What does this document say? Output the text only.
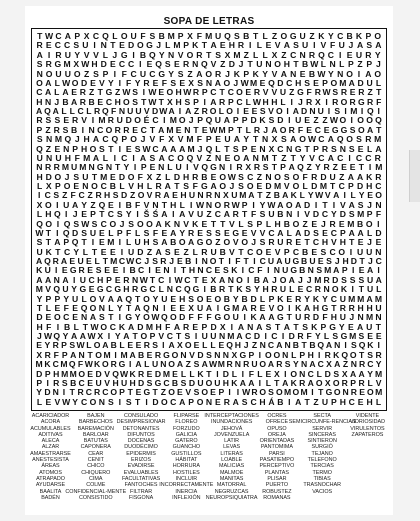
SOPA DE LETRAS
T W C A P X C Q L O U F S B M P X F M U Q S B T L Z O G U Z K Y C B K P O
R E C C S U I N T E D O G J L M P K T A E H R I L E V A S U I V F U J A S A
A I R U Y V V L J G I B Q Y N V O R T S X M Z L L X Z C N R Q C I E U R Y
S R G M X W H D E C C I E Q S E R N Q V Z D J T U N O H T B W L N L P Z P J
N O U U O Z S P I F C U C G Y S Z A O R J K P K Y V A N E B W Y N O I A O
O A L W O D E V Y I F Y R E F S E X S N A O J W M E Q D C H S E P O M A D U L
C A L A E R Z T G Z W S I W E O H W R P C T C O E R V V U Z G F R W S R E R Z T
H N J B A R B E C H O S T W T X H S P I A R P C L W H H L I J R X I R O R G R F
A Q A L L C L R Q F N U U V D W A I A Z R O L O I E E S V O I A D N U I S I M I Q I
R S S E R V I M R U D O É C I M O J P Q U A P P D K S D I U E Z Z W O I O O Q
P Z R S B I N C O R R E C T A M E N T E W M P T L R J A O R F E C E G G S O A T
S N M Q J H A C Q P O J V F X V M F P E U A Y T N X S A O W C A Q O S R M
Q Z E N P H O S T I E S W C A A A M J Q L T S P E N X C N G T P R S N S E L A
U N U H F M A L I C I A S A C O Q V Z N E O A N M T Z T Y V C A C I C C R
N R R M U M N G N T Y I P E N L U I V Q G N I R X R S T P A Q Z Y R Z E E T I M
H D O J S U T M E D O F X Z L D H R B E O W S C Z N O S O F R D U Z A A K R
L X P O E N O C B L V H L R A T S F G A O J S O E D M V O L D M T C P D H C
I C S Z F C Z R H S D Z O V R A E H U N R N X U M A T Z B A K L Y W V A I L Y E O
X O I U A Y Z Q E I B F V N T H L I W N O R W P I Y W A O A D I T I V A S J N
L H Q I J E P T C S Y I Š Ś A I A V U Z C A R T F S U B N I V D C Y D S M P F
Q O I Q S W S C O J S O O A K N V K E T T V L S P L H B O Z E J R E M B O I
W T I Q D S U E L P F L S F E A Y R E S S E G E V V C A L A D S E C P A A L D
S T A P Q T I E M I L U H S A B O A G O Z O V O J S R U R E T C H V H T E J E
U K T C Y L T E E I U D Z A S E Z L R U B V T C O E V P C B E S C O I U U N
A Q R A E U E L T M C W C J S R J E B I N O T I F T I C U A U G B U E S J H D T J C
K U I E G R E S E E I B C I E N I T H N C E S K I C F I N U G B N S M A P I E A I
A A N A I U C H P E R N W T C I W C T E X A N O I B A J O A J J M R D S S S U A
M V Q U Y G E G C G H R G C L N C Q G I B R T K S Y H R U L E C R N O K I T U L
Y P P Y U L O V A A Q T O Y U E H S O E O B Y B D L P K E R Y K Y C U M M A M
T L E F E Q O N L Y T A Q N I E E X U A I G M A R E V O I K A H G T R R H H U
D E O C E N A S T I G Y O W Q O D F F F G O U I K A A G T U R D F H U J N M N
H F I B L T W O C K A D M H F A R E P D X I A N A S T A T S K P G Y E A U T
J W Q Y A A W X I Y A T O P V C T S I U U N M A C D I C I D R F Y L S G M S E E
E Y R P S W L O A B L E E R S I A X O E L L E Q H J Z N C A N B T B Q A N I S Q K I
X R F P A N T O M I M A B E R G O N V D S N N X G P I O O N L P H I R K Q O T S R
M K C M Q F W K O R G I A L U N O A Z S A W M R N R U O A R S Y N A C X A Z N R C Y
D P H M M O E D V Q W K R E D M E L L K T I D L I F L E X I O N C L D S X A A Y M
P I R S B C E U V H U H D S G C B S D U O U H K A A I L T A K R A O X O R P R L V
Y D N I T R C R C O P T E G T Z O E V S O E P I I W R O S O M O M I T G O N R E O M
L E V W Y C O N S I S T I D O C A P O N E R A S C H Á B I A T Z U P H C E H L
ACARICIADOR
ACORA
ACUMULABLES
ADITIVAS
ALECA
ALZAR
AMAESTRARSE
ANESTESISTA
ÁREAS
ATOMOS
ATRAPADO
AYUDARSE
BAALITA
BADÉN
BAJEN
BARBECHOS
BAREMACIÓN
BARLOAR
BATUTAS
CAPONERA
CEAR
CENIT
CHICO
CHIQUERO
CIMA
COLME
CONFIDENCIAL-MENTE
CONSISTIDO
CONSULADO
DESIMPRESIONAR
DETONANTES
DIFUNTOS
DOCENAS
DUODÉCIMO
EPIDERMIS
ERIZOS
EVADIRSE
EVALUABLES
FACULTATIVAS
FANTOCHES
FILTRAR
FISGONA
FLIPARSE
FLOREO
FORZUDO
GALICIA
GATERO
GUANCHO
GUSTILLOS
HÁBITAT
HORRURA
HOSTILES
INCLUIR
INCORRECTAMENTE
INERCIA
INFLEXIÓN
INTERCEPTACIONES
INUNDACIONES
JEHOVÁ
JOVENZUELA
LATIR
LEVAS
LITERAS
LOABLE
MALICIAS
MALMOE
MANITAS
MATORRAL
NEGRUZCAS
NEUROPSIQUIATRA
OCRES
OFRECE
OPUSO
OREJA
ORIENTADAS
PANTOMIMA
PARSI
PASATIEMPO
PERCEPTIVO
PLANTAS
PLISAR
PUERTO
ROBUSTEZ
ROMANAS
SECTA
SEMICIRCUNFE-RENCIAS
SERVIR
SINCERAS
SINTIERON
SURGIÓ
TEJANO
TELEFONO
TERCIAS
TERMO
TIBIAS
TRASNOCHAR
VACIOS
VIDENTE
VIDRIOSIDAD
VIRULENTOS
ZAPATEROS
